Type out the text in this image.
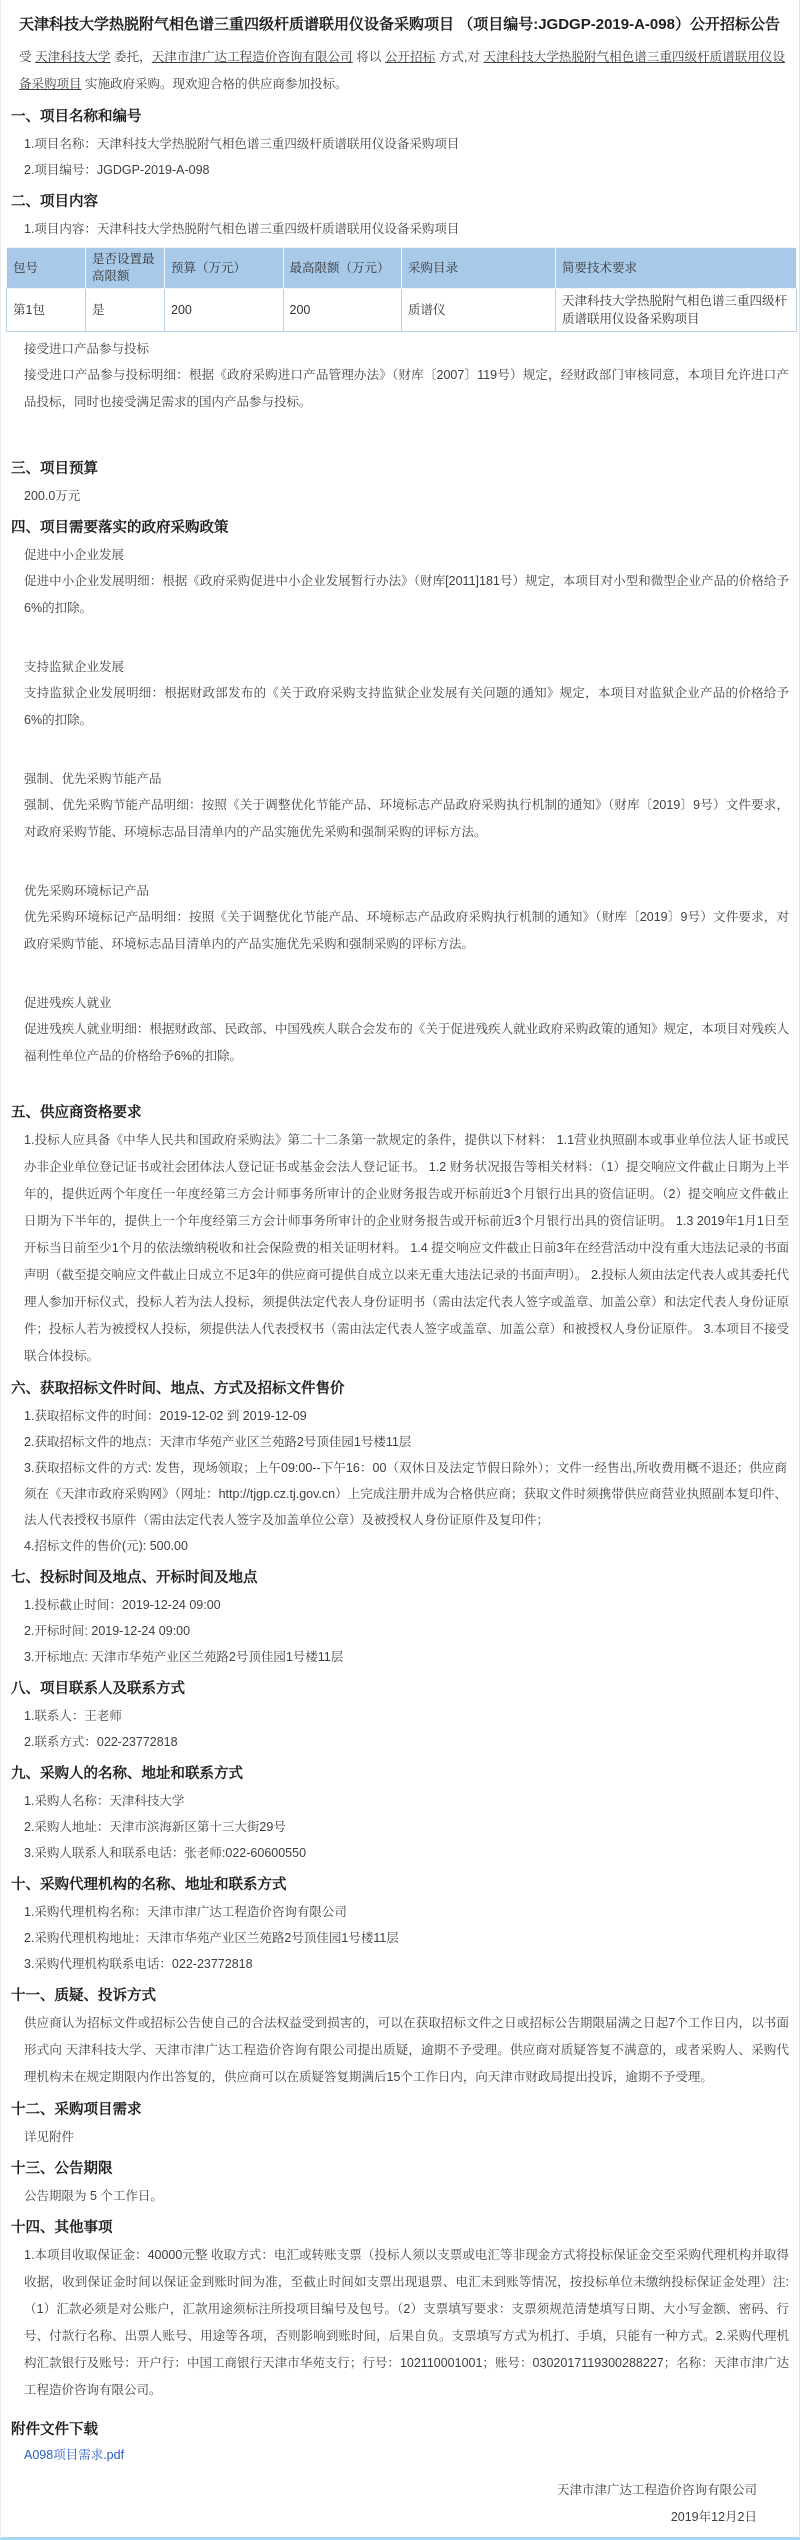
天津科技大学热脱附气相色谱三重四级杆质谱联用仪设备采购项目 （项目编号:JGDGP-2019-A-098）公开招标公告
受 天津科技大学 委托，天津市津广达工程造价咨询有限公司 将以 公开招标 方式,对 天津科技大学热脱附气相色谱三重四级杆质谱联用仪设备采购项目 实施政府采购。现欢迎合格的供应商参加投标。
一、项目名称和编号
1.项目名称：天津科技大学热脱附气相色谱三重四级杆质谱联用仪设备采购项目
2.项目编号：JGDGP-2019-A-098
二、项目内容
1.项目内容：天津科技大学热脱附气相色谱三重四级杆质谱联用仪设备采购项目
包号	是否设置最高限额	预算（万元）	最高限额（万元）	采购目录	简要技术要求
第1包	是	200	200	质谱仪	天津科技大学热脱附气相色谱三重四级杆质谱联用仪设备采购项目
接受进口产品参与投标
接受进口产品参与投标明细：根据《政府采购进口产品管理办法》（财库〔2007〕119号）规定，经财政部门审核同意，本项目允许进口产品投标，同时也接受满足需求的国内产品参与投标。
三、项目预算
200.0万元
四、项目需要落实的政府采购政策
促进中小企业发展
促进中小企业发展明细：根据《政府采购促进中小企业发展暂行办法》（财库[2011]181号）规定，本项目对小型和微型企业产品的价格给予6%的扣除。
支持监狱企业发展
支持监狱企业发展明细：根据财政部发布的《关于政府采购支持监狱企业发展有关问题的通知》规定，本项目对监狱企业产品的价格给予6%的扣除。
强制、优先采购节能产品
强制、优先采购节能产品明细：按照《关于调整优化节能产品、环境标志产品政府采购执行机制的通知》（财库〔2019〕9号）文件要求，对政府采购节能、环境标志品目清单内的产品实施优先采购和强制采购的评标方法。
优先采购环境标记产品
优先采购环境标记产品明细：按照《关于调整优化节能产品、环境标志产品政府采购执行机制的通知》（财库〔2019〕9号）文件要求，对政府采购节能、环境标志品目清单内的产品实施优先采购和强制采购的评标方法。
促进残疾人就业
促进残疾人就业明细：根据财政部、民政部、中国残疾人联合会发布的《关于促进残疾人就业政府采购政策的通知》规定，本项目对残疾人福利性单位产品的价格给予6%的扣除。
五、供应商资格要求
1.投标人应具备《中华人民共和国政府采购法》第二十二条第一款规定的条件，提供以下材料： 1.1营业执照副本或事业单位法人证书或民办非企业单位登记证书或社会团体法人登记证书或基金会法人登记证书。 1.2 财务状况报告等相关材料：（1）提交响应文件截止日期为上半年的，提供近两个年度任一年度经第三方会计师事务所审计的企业财务报告或开标前近3个月银行出具的资信证明。（2）提交响应文件截止日期为下半年的，提供上一个年度经第三方会计师事务所审计的企业财务报告或开标前近3个月银行出具的资信证明。 1.3 2019年1月1日至开标当日前至少1个月的依法缴纳税收和社会保险费的相关证明材料。 1.4 提交响应文件截止日前3年在经营活动中没有重大违法记录的书面声明（截至提交响应文件截止日成立不足3年的供应商可提供自成立以来无重大违法记录的书面声明）。 2.投标人须由法定代表人或其委托代理人参加开标仪式，投标人若为法人投标，须提供法定代表人身份证明书（需由法定代表人签字或盖章、加盖公章）和法定代表人身份证原件；投标人若为被授权人投标，须提供法人代表授权书（需由法定代表人签字或盖章、加盖公章）和被授权人身份证原件。 3.本项目不接受联合体投标。
六、获取招标文件时间、地点、方式及招标文件售价
1.获取招标文件的时间：2019-12-02 到 2019-12-09
2.获取招标文件的地点：天津市华苑产业区兰苑路2号顶佳园1号楼11层
3.获取招标文件的方式: 发售，现场领取；上午09:00--下午16：00（双休日及法定节假日除外）；文件一经售出,所收费用概不退还；供应商须在《天津市政府采购网》（网址：http://tjgp.cz.tj.gov.cn）上完成注册并成为合格供应商；获取文件时须携带供应商营业执照副本复印件、法人代表授权书原件（需由法定代表人签字及加盖单位公章）及被授权人身份证原件及复印件；
4.招标文件的售价(元): 500.00
七、投标时间及地点、开标时间及地点
1.投标截止时间：2019-12-24 09:00
2.开标时间: 2019-12-24 09:00
3.开标地点: 天津市华苑产业区兰苑路2号顶佳园1号楼11层
八、项目联系人及联系方式
1.联系人：王老师
2.联系方式：022-23772818
九、采购人的名称、地址和联系方式
1.采购人名称：天津科技大学
2.采购人地址：天津市滨海新区第十三大街29号
3.采购人联系人和联系电话：张老师:022-60600550
十、采购代理机构的名称、地址和联系方式
1.采购代理机构名称：天津市津广达工程造价咨询有限公司
2.采购代理机构地址：天津市华苑产业区兰苑路2号顶佳园1号楼11层
3.采购代理机构联系电话：022-23772818
十一、质疑、投诉方式
供应商认为招标文件或招标公告使自己的合法权益受到损害的，可以在获取招标文件之日或招标公告期限届满之日起7个工作日内，以书面形式向 天津科技大学、天津市津广达工程造价咨询有限公司提出质疑，逾期不予受理。供应商对质疑答复不满意的，或者采购人、采购代理机构未在规定期限内作出答复的，供应商可以在质疑答复期满后15个工作日内，向天津市财政局提出投诉，逾期不予受理。
十二、采购项目需求
详见附件
十三、公告期限
公告期限为 5 个工作日。
十四、其他事项
1.本项目收取保证金：40000元整 收取方式：电汇或转账支票（投标人须以支票或电汇等非现金方式将投标保证金交至采购代理机构并取得收据，收到保证金时间以保证金到账时间为准，至截止时间如支票出现退票、电汇未到账等情况，按投标单位未缴纳投标保证金处理）注:（1）汇款必须是对公账户，汇款用途须标注所投项目编号及包号。（2）支票填写要求：支票须规范清楚填写日期、大小写金额、密码、行号、付款行名称、出票人账号、用途等各项，否则影响到账时间，后果自负。支票填写方式为机打、手填，只能有一种方式。2.采购代理机构汇款银行及账号：开户行：中国工商银行天津市华苑支行；行号：102110001001；账号：0302017119300288227；名称：天津市津广达工程造价咨询有限公司。
附件文件下载
A098项目需求.pdf
天津市津广达工程造价咨询有限公司
2019年12月2日
